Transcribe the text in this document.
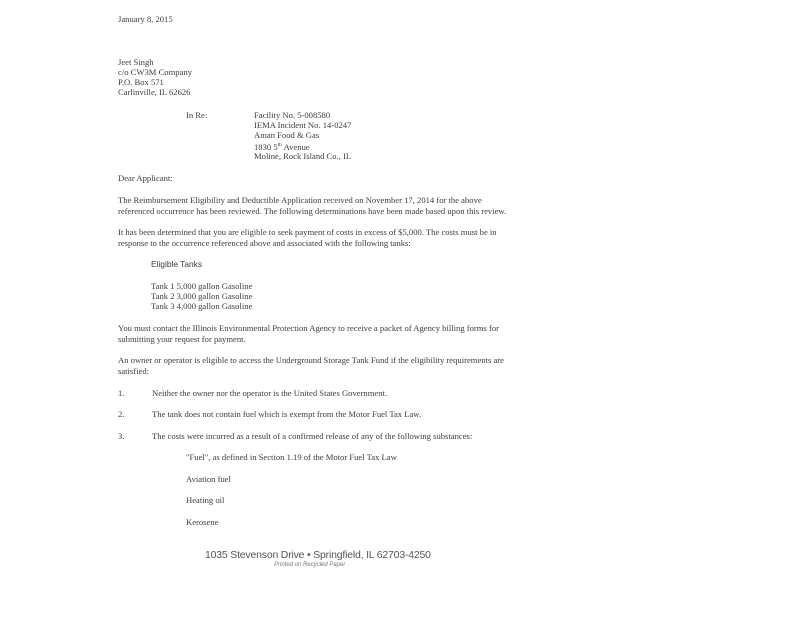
January 8, 2015
Jeet Singh
c/o CW3M Company
P.O. Box 571
Carlinville, IL 62626
In Re:	Facility No. 5-008580
IEMA Incident No. 14-0247
Aman Food & Gas
1830 5th Avenue
Moline, Rock Island Co., IL
Dear Applicant:
The Reimbursement Eligibility and Deductible Application received on November 17, 2014 for the above
referenced occurrence has been reviewed. The following determinations have been made based upon this review.
It has been determined that you are eligible to seek payment of costs in excess of $5,000. The costs must be in
response to the occurrence referenced above and associated with the following tanks:
Eligible Tanks
Tank 1 5,000 gallon Gasoline
Tank 2 3,000 gallon Gasoline
Tank 3 4,000 gallon Gasoline
You must contact the Illinois Environmental Protection Agency to receive a packet of Agency billing forms for
submitting your request for payment.
An owner or operator is eligible to access the Underground Storage Tank Fund if the eligibility requirements are
satisfied:
1.	Neither the owner nor the operator is the United States Government.
2.	The tank does not contain fuel which is exempt from the Motor Fuel Tax Law.
3.	The costs were incurred as a result of a confirmed release of any of the following substances:
"Fuel", as defined in Section 1.19 of the Motor Fuel Tax Law
Aviation fuel
Heating oil
Kerosene
1035 Stevenson Drive • Springfield, IL 62703-4250
Printed on Recycled Paper
